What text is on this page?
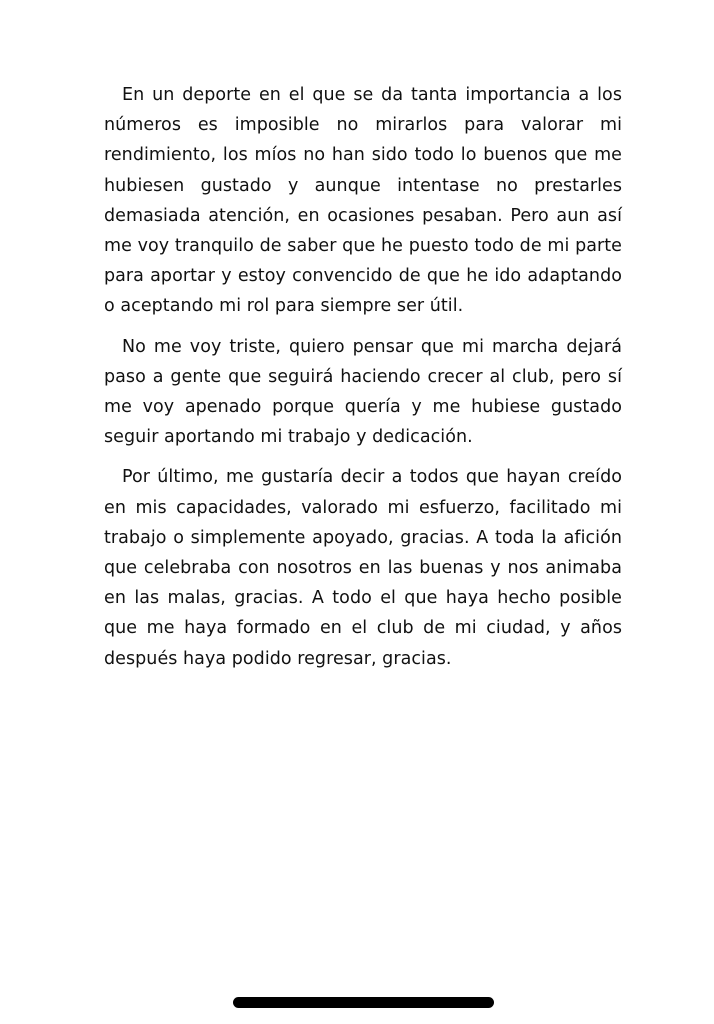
En un deporte en el que se da tanta importancia a los números es imposible no mirarlos para valorar mi rendimiento, los míos no han sido todo lo buenos que me hubiesen gustado y aunque intentase no prestarles demasiada atención, en ocasiones pesaban. Pero aun así me voy tranquilo de saber que he puesto todo de mi parte para aportar y estoy convencido de que he ido adaptando o aceptando mi rol para siempre ser útil.

No me voy triste, quiero pensar que mi marcha dejará paso a gente que seguirá haciendo crecer al club, pero sí me voy apenado porque quería y me hubiese gustado seguir aportando mi trabajo y dedicación.

Por último, me gustaría decir a todos que hayan creído en mis capacidades, valorado mi esfuerzo, facilitado mi trabajo o simplemente apoyado, gracias. A toda la afición que celebraba con nosotros en las buenas y nos animaba en las malas, gracias. A todo el que haya hecho posible que me haya formado en el club de mi ciudad, y años después haya podido regresar, gracias.
